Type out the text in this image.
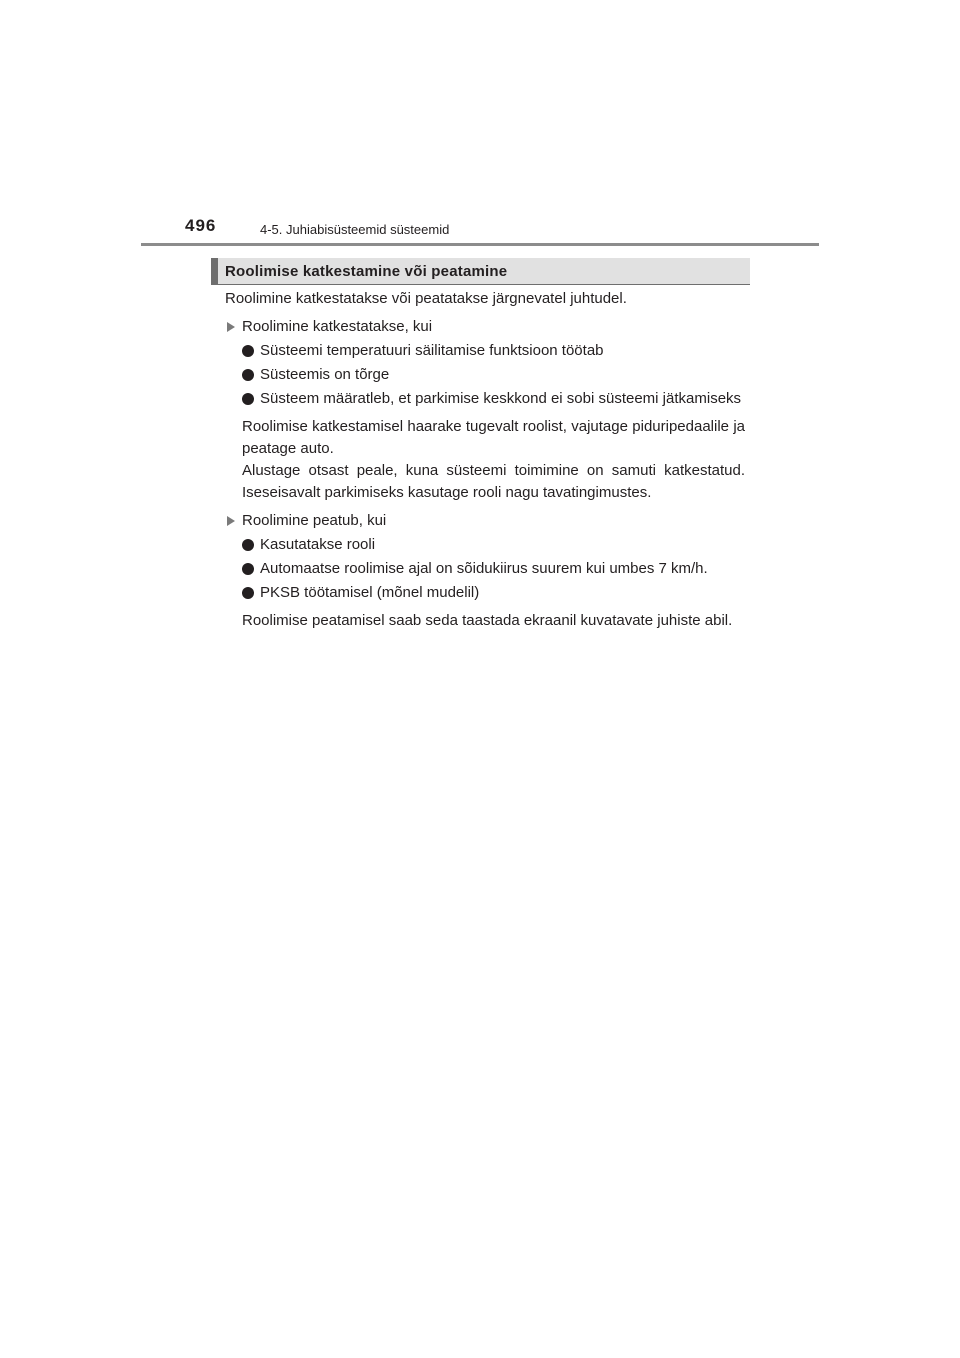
496	4-5. Juhiabisüsteemid süsteemid
Roolimise katkestamine või peatamine

Roolimine katkestatakse või peatatakse järgnevatel juhtudel.

Roolimine katkestatakse, kui
Süsteemi temperatuuri säilitamise funktsioon töötab
Süsteemis on tõrge
Süsteem määratleb, et parkimise keskkond ei sobi süsteemi jätkamiseks

Roolimise katkestamisel haarake tugevalt roolist, vajutage piduripedaalile ja peatage auto.

Alustage otsast peale, kuna süsteemi toimimine on samuti katkestatud. Iseseisavalt parkimiseks kasutage rooli nagu tavatingimustes.

Roolimine peatub, kui
Kasutatakse rooli
Automaatse roolimise ajal on sõidukiirus suurem kui umbes 7 km/h.
PKSB töötamisel (mõnel mudelil)

Roolimise peatamisel saab seda taastada ekraanil kuvatavate juhiste abil.
